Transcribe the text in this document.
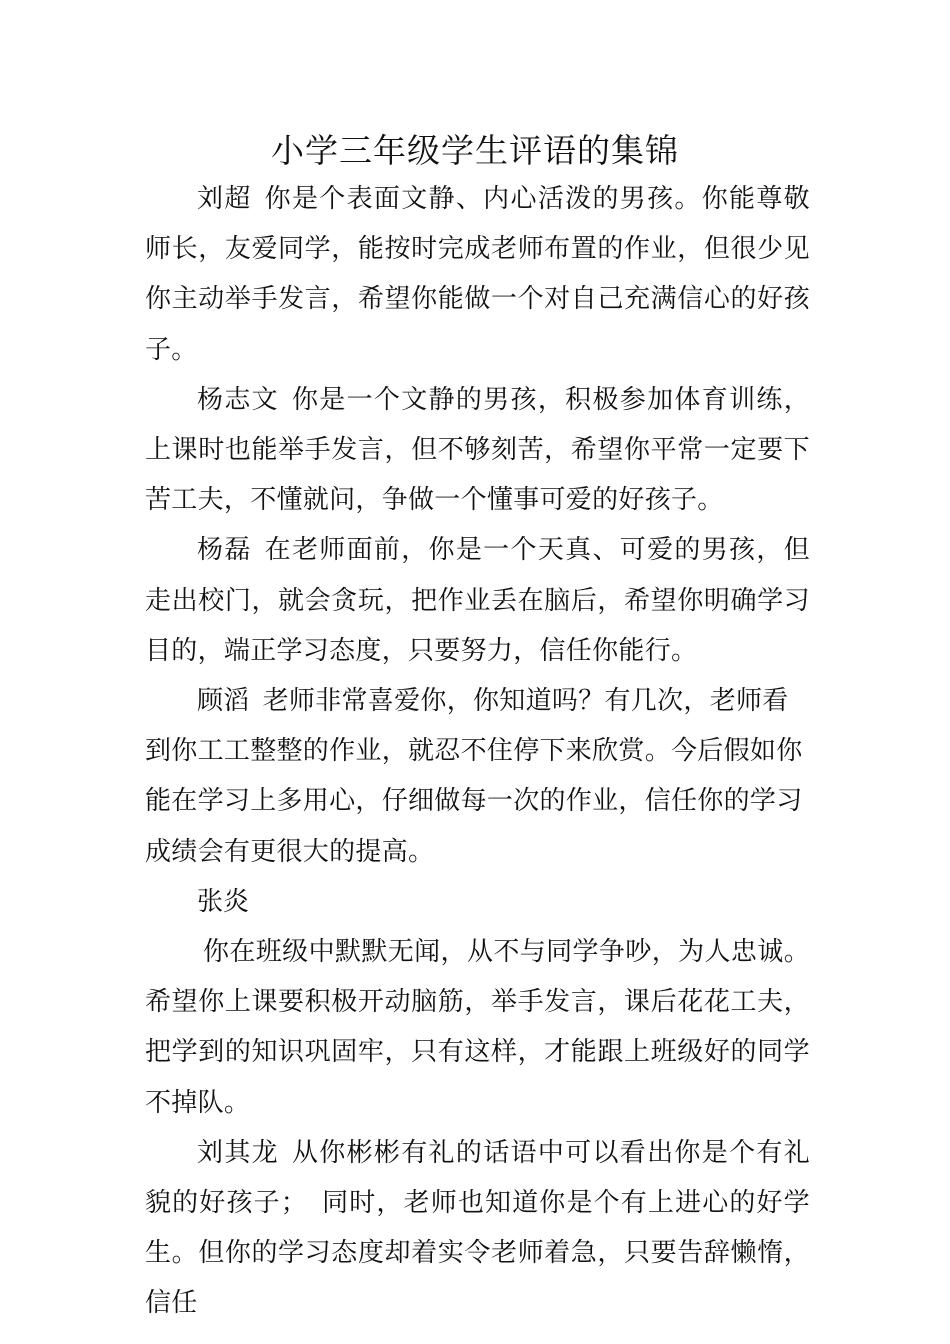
小学三年级学生评语的集锦

刘超 你是个表面文静、内心活泼的男孩。你能尊敬师长，友爱同学，能按时完成老师布置的作业，但很少见你主动举手发言，希望你能做一个对自己充满信心的好孩子。

杨志文 你是一个文静的男孩，积极参加体育训练，上课时也能举手发言，但不够刻苦，希望你平常一定要下苦工夫，不懂就问，争做一个懂事可爱的好孩子。

杨磊 在老师面前，你是一个天真、可爱的男孩，但走出校门，就会贪玩，把作业丢在脑后，希望你明确学习目的，端正学习态度，只要努力，信任你能行。

顾滔 老师非常喜爱你，你知道吗？有几次，老师看到你工工整整的作业，就忍不住停下来欣赏。今后假如你能在学习上多用心，仔细做每一次的作业，信任你的学习成绩会有更很大的提高。

张炎

你在班级中默默无闻，从不与同学争吵，为人忠诚。希望你上课要积极开动脑筋，举手发言，课后花花工夫，把学到的知识巩固牢，只有这样，才能跟上班级好的同学不掉队。

刘其龙 从你彬彬有礼的话语中可以看出你是个有礼貌的好孩子；　同时，老师也知道你是个有上进心的好学生。但你的学习态度却着实令老师着急，只要告辞懒惰，信任
